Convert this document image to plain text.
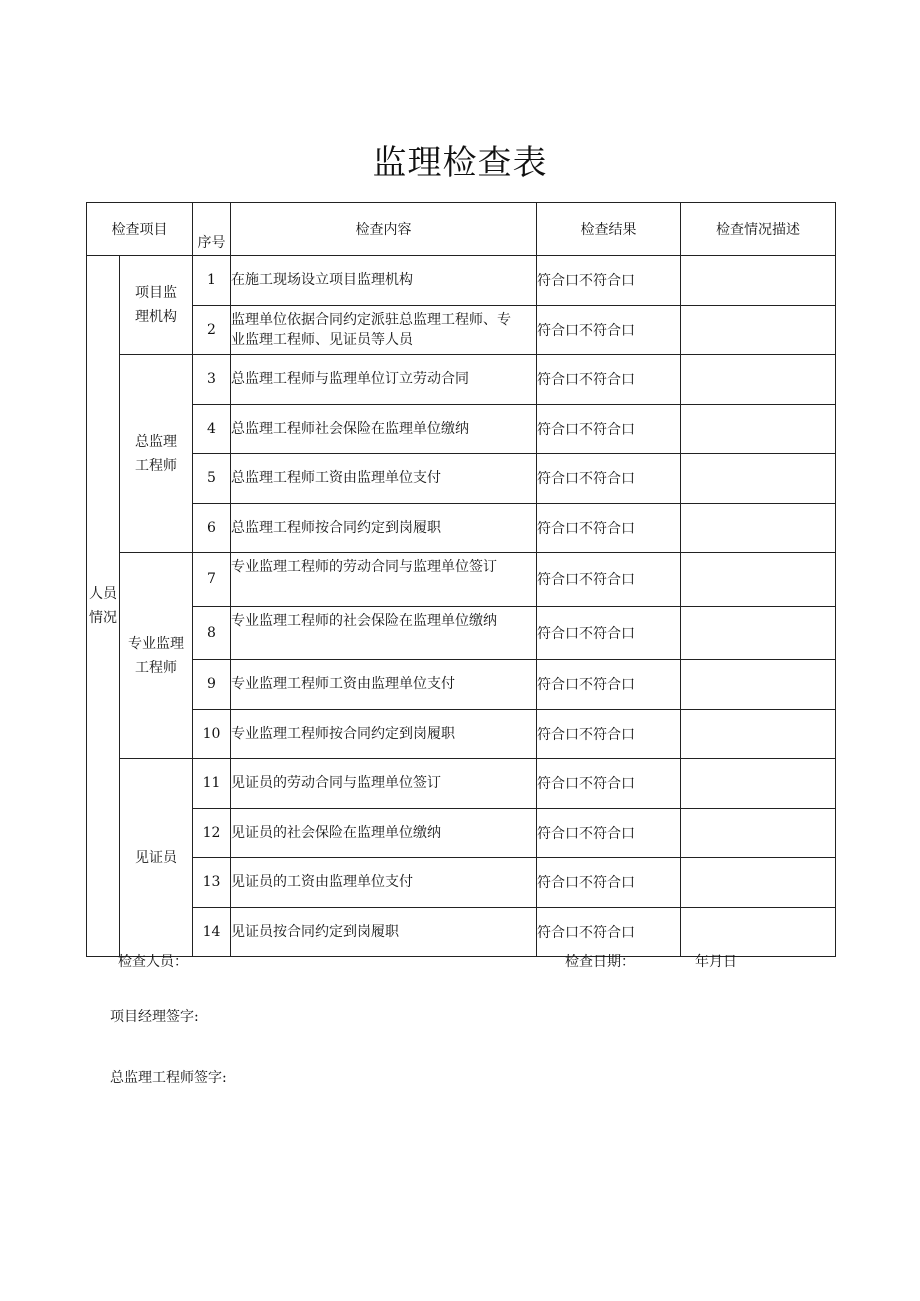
监理检查表
检查项目		序号	检查内容	检查结果	检查情况描述
人员情况	项目监理机构	1	在施工现场设立项目监理机构	符合口不符合口	
		2	监理单位依据合同约定派驻总监理工程师、专业监理工程师、见证员等人员	符合口不符合口	
	总监理工程师	3	总监理工程师与监理单位订立劳动合同	符合口不符合口	
		4	总监理工程师社会保险在监理单位缴纳	符合口不符合口	
		5	总监理工程师工资由监理单位支付	符合口不符合口	
		6	总监理工程师按合同约定到岗履职	符合口不符合口	
	专业监理工程师	7	专业监理工程师的劳动合同与监理单位签订	符合口不符合口	
		8	专业监理工程师的社会保险在监理单位缴纳	符合口不符合口	
		9	专业监理工程师工资由监理单位支付	符合口不符合口	
		10	专业监理工程师按合同约定到岗履职	符合口不符合口	
	见证员	11	见证员的劳动合同与监理单位签订	符合口不符合口	
		12	见证员的社会保险在监理单位缴纳	符合口不符合口	
		13	见证员的工资由监理单位支付	符合口不符合口	
		14	见证员按合同约定到岗履职	符合口不符合口	
检查人员：	检查日期：	年月日
项目经理签字:
总监理工程师签字:
